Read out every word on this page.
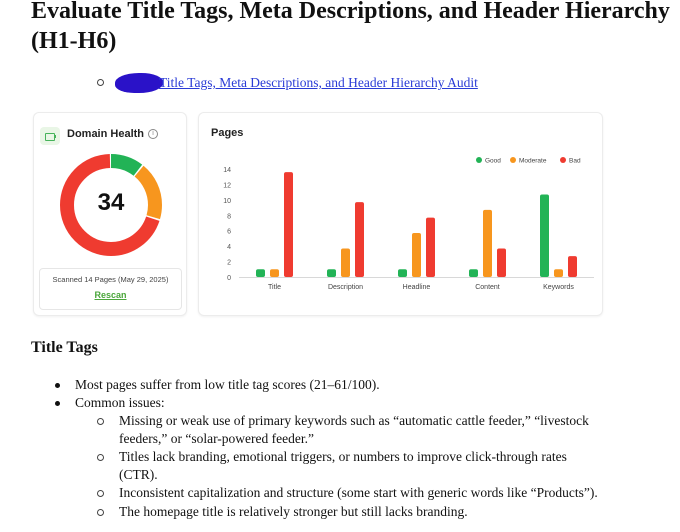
Evaluate Title Tags, Meta Descriptions, and Header Hierarchy (H1-H6)
Title Tags, Meta Descriptions, and Header Hierarchy Audit
Domain Health	i
34
Scanned 14 Pages (May 29, 2025)
Rescan
Pages
0
2
4
6
8
10
12
14
Title	Description	Headline	Content	Keywords
Good	Moderate	Bad
Title Tags
Most pages suffer from low title tag scores (21–61/100).
Common issues:
Missing or weak use of primary keywords such as “automatic cattle feeder,” “livestock
feeders,” or “solar-powered feeder.”
Titles lack branding, emotional triggers, or numbers to improve click-through rates
(CTR).
Inconsistent capitalization and structure (some start with generic words like “Products”).
The homepage title is relatively stronger but still lacks branding.
